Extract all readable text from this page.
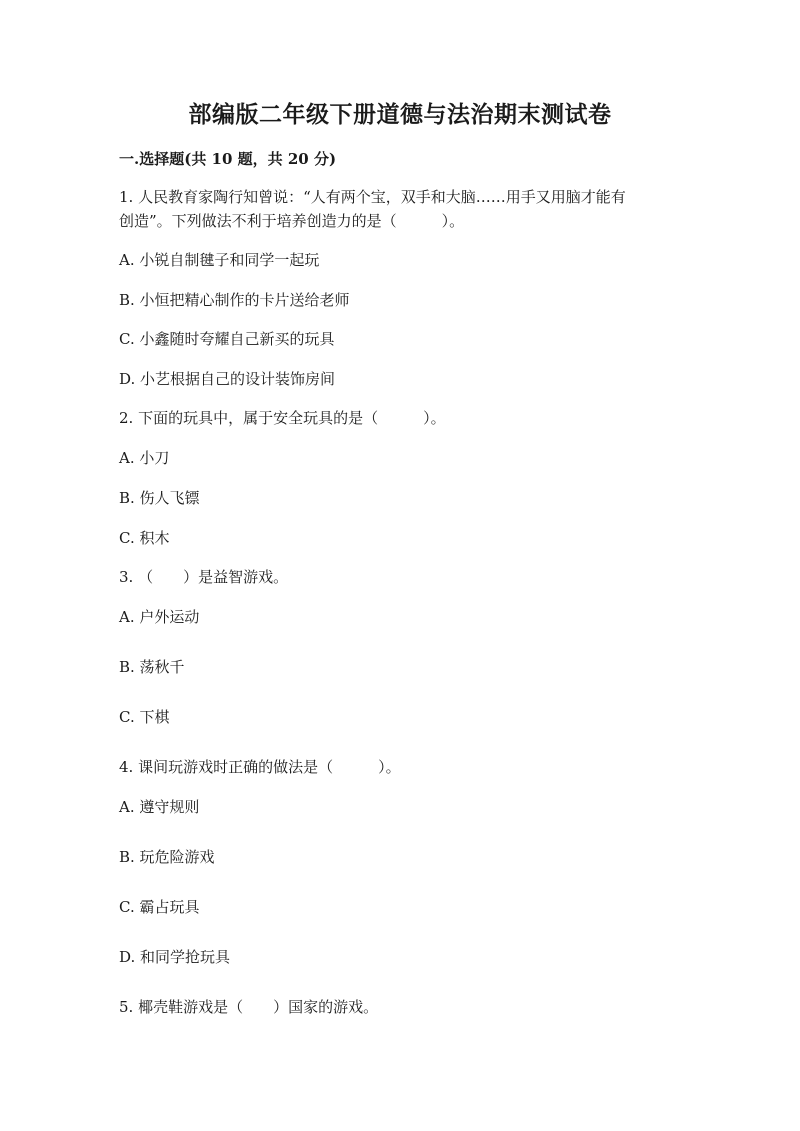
部编版二年级下册道德与法治期末测试卷
一.选择题(共 10 题，共 20 分)
1. 人民教育家陶行知曾说：“人有两个宝，双手和大脑……用手又用脑才能有
创造”。下列做法不利于培养创造力的是（　　　）。
A. 小锐自制毽子和同学一起玩
B. 小恒把精心制作的卡片送给老师
C. 小鑫随时夸耀自己新买的玩具
D. 小艺根据自己的设计装饰房间
2. 下面的玩具中，属于安全玩具的是（　　　）。
A. 小刀
B. 伤人飞镖
C. 积木
3. （　　）是益智游戏。
A. 户外运动
B. 荡秋千
C. 下棋
4. 课间玩游戏时正确的做法是（　　　）。
A. 遵守规则
B. 玩危险游戏
C. 霸占玩具
D. 和同学抢玩具
5. 椰壳鞋游戏是（　　）国家的游戏。
